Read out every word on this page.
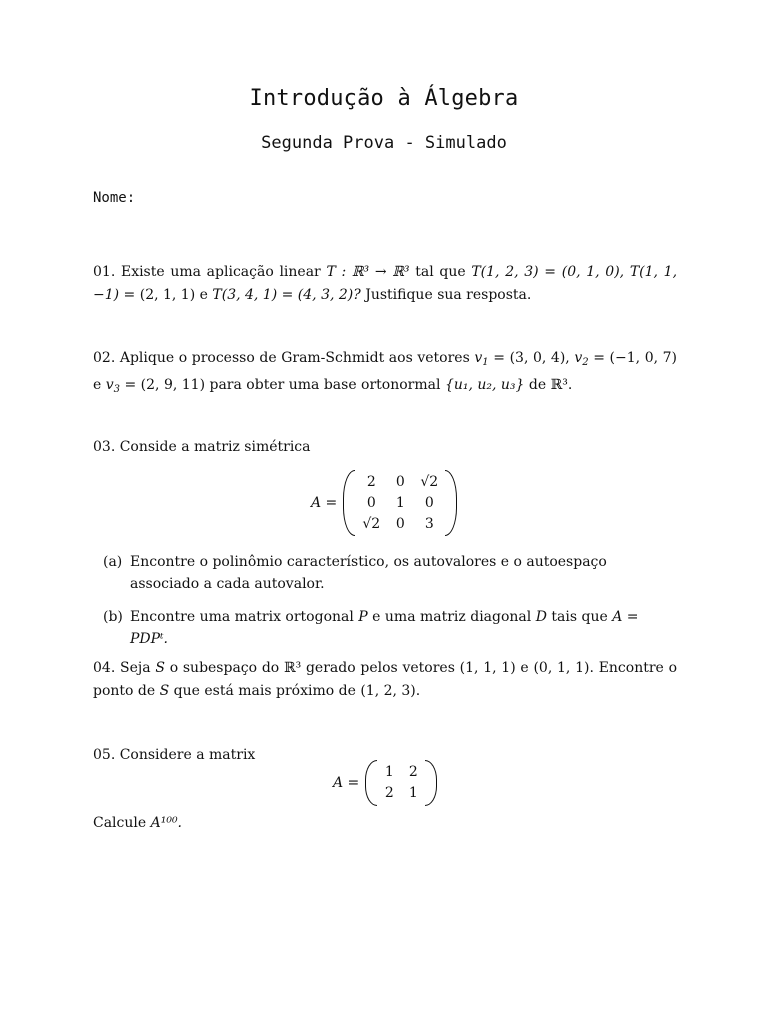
Introdução à Álgebra
Segunda Prova - Simulado
Nome:
01. Existe uma aplicação linear T : ℝ³ → ℝ³ tal que T(1, 2, 3) = (0, 1, 0), T(1, 1, −1) = (2, 1, 1) e T(3, 4, 1) = (4, 3, 2)? Justifique sua resposta.
02. Aplique o processo de Gram-Schmidt aos vetores $v_1 = (3$, 0, 4), $v_2 = (-1$, 0, 7) e $v_3 = (2$, 9, 11) para obter uma base ortonormal {u₁, u₂, u₃} de ℝ³.
03. Conside a matriz simétrica
A =
2	0	√2
0	1	0
√2	0	3
(a) Encontre o polinômio característico, os autovalores e o autoespaço associado a cada autovalor.
(b) Encontre uma matrix ortogonal P e uma matriz diagonal D tais que A = PDPᵗ.
04. Seja S o subespaço do ℝ³ gerado pelos vetores (1, 1, 1) e (0, 1, 1). Encontre o ponto de S que está mais próximo de (1, 2, 3).
05. Considere a matrix
A =
1	2
2	1
Calcule A¹⁰⁰.
